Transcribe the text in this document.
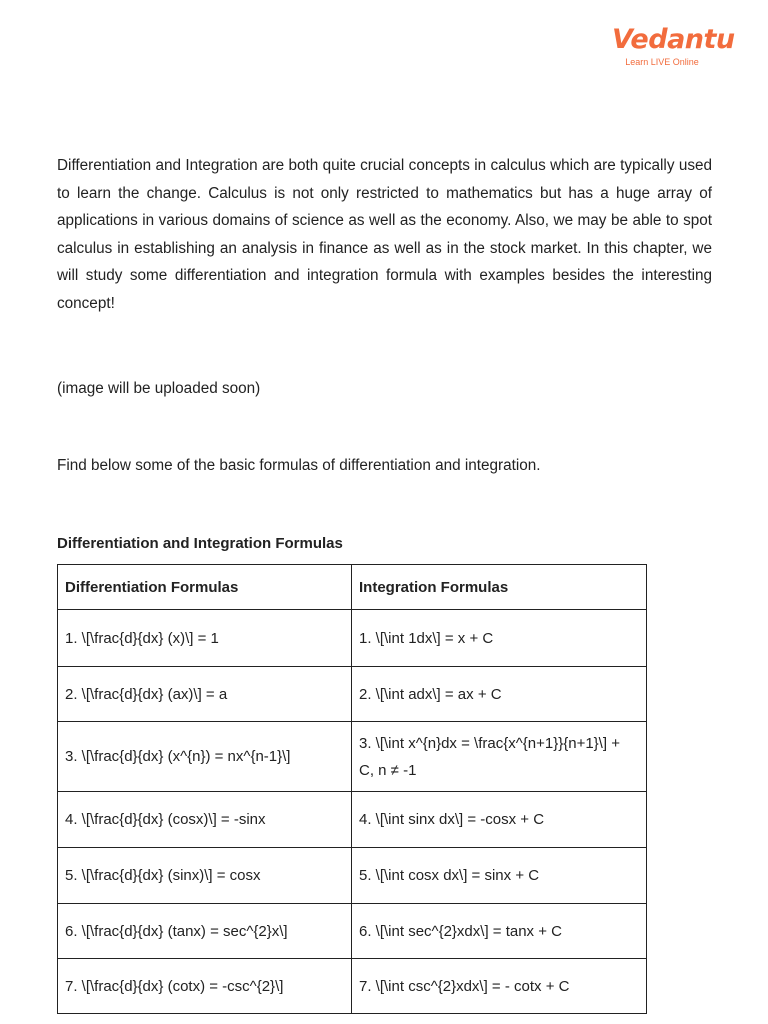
Vedantu
Learn LIVE Online

Differentiation and Integration are both quite crucial concepts in calculus which are typically used to learn the change. Calculus is not only restricted to mathematics but has a huge array of applications in various domains of science as well as the economy. Also, we may be able to spot calculus in establishing an analysis in finance as well as in the stock market. In this chapter, we will study some differentiation and integration formula with examples besides the interesting concept!

(image will be uploaded soon)

Find below some of the basic formulas of differentiation and integration.

Differentiation and Integration Formulas

Differentiation Formulas	Integration Formulas
1. \[\frac{d}{dx} (x)\] = 1	1. \[\int 1dx\] = x + C
2. \[\frac{d}{dx} (ax)\] = a	2. \[\int adx\] = ax + C
3. \[\frac{d}{dx} (x^{n}) = nx^{n-1}\]	3. \[\int x^{n}dx = \frac{x^{n+1}}{n+1}\] + C, n ≠ -1
4. \[\frac{d}{dx} (cosx)\] = -sinx	4. \[\int sinx dx\] = -cosx + C
5. \[\frac{d}{dx} (sinx)\] = cosx	5. \[\int cosx dx\] = sinx + C
6. \[\frac{d}{dx} (tanx) = sec^{2}x\]	6. \[\int sec^{2}xdx\] = tanx + C
7. \[\frac{d}{dx} (cotx) = -csc^{2}\]	7. \[\int csc^{2}xdx\] = - cotx + C
